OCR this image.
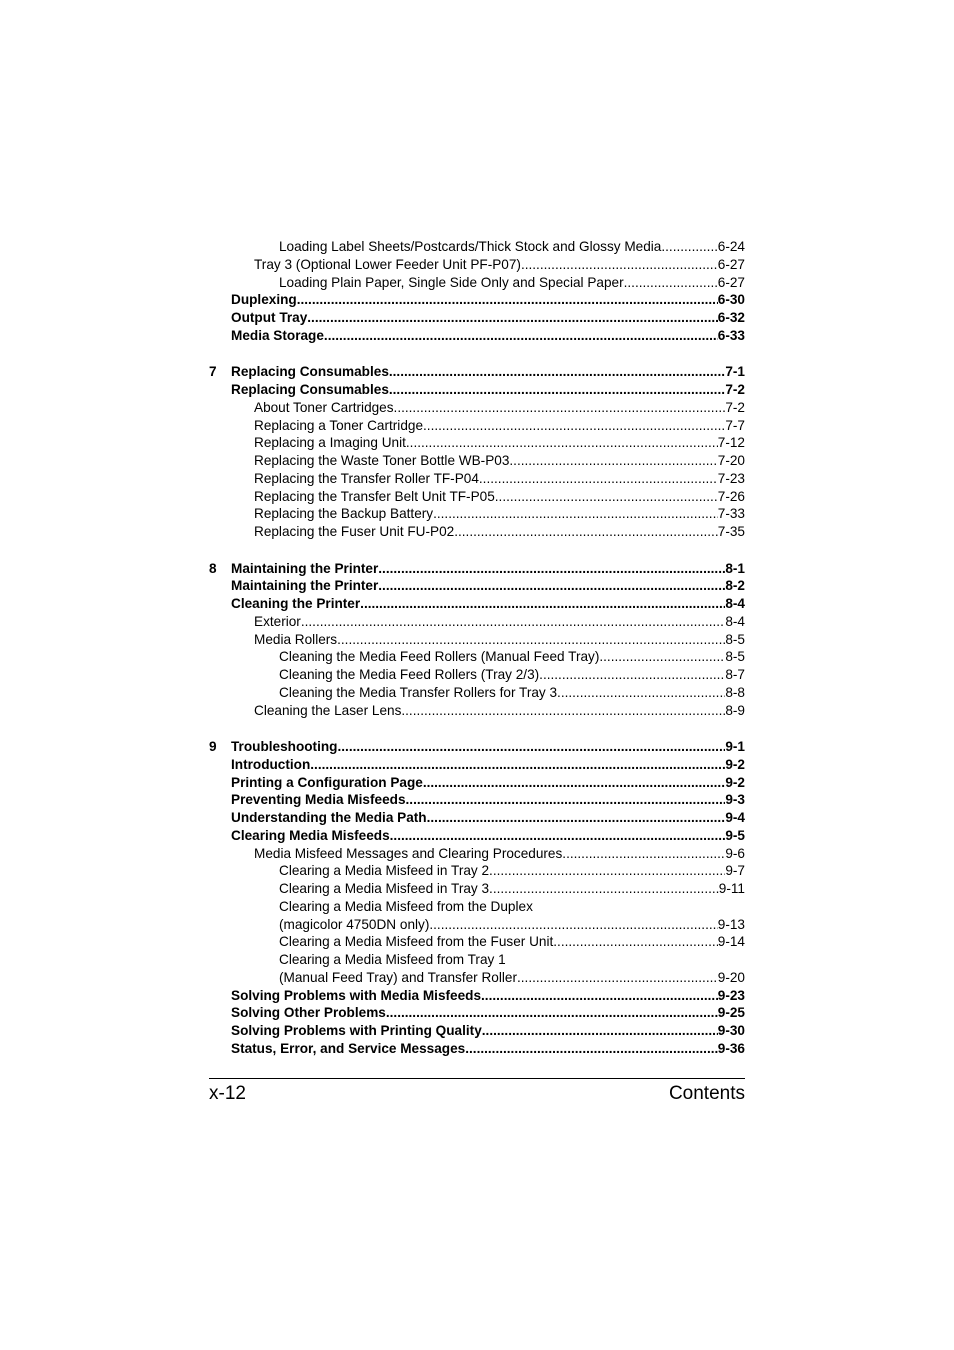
Loading Label Sheets/Postcards/Thick Stock and Glossy Media .....	6-24
Tray 3 (Optional Lower Feeder Unit PF-P07) .....	6-27
Loading Plain Paper, Single Side Only and Special Paper .....	6-27
Duplexing .....	6-30
Output Tray .....	6-32
Media Storage .....	6-33
7 Replacing Consumables .....	7-1
Replacing Consumables .....	7-2
About Toner Cartridges .....	7-2
Replacing a Toner Cartridge .....	7-7
Replacing a Imaging Unit .....	7-12
Replacing the Waste Toner Bottle WB-P03 .....	7-20
Replacing the Transfer Roller TF-P04 .....	7-23
Replacing the Transfer Belt Unit TF-P05 .....	7-26
Replacing the Backup Battery .....	7-33
Replacing the Fuser Unit FU-P02 .....	7-35
8 Maintaining the Printer .....	8-1
Maintaining the Printer .....	8-2
Cleaning the Printer .....	8-4
Exterior .....	8-4
Media Rollers .....	8-5
Cleaning the Media Feed Rollers (Manual Feed Tray) .....	8-5
Cleaning the Media Feed Rollers (Tray 2/3) .....	8-7
Cleaning the Media Transfer Rollers for Tray 3 .....	8-8
Cleaning the Laser Lens .....	8-9
9 Troubleshooting .....	9-1
Introduction .....	9-2
Printing a Configuration Page .....	9-2
Preventing Media Misfeeds .....	9-3
Understanding the Media Path .....	9-4
Clearing Media Misfeeds .....	9-5
Media Misfeed Messages and Clearing Procedures .....	9-6
Clearing a Media Misfeed in Tray 2 .....	9-7
Clearing a Media Misfeed in Tray 3 .....	9-11
Clearing a Media Misfeed from the Duplex
(magicolor 4750DN only) .....	9-13
Clearing a Media Misfeed from the Fuser Unit .....	9-14
Clearing a Media Misfeed from Tray 1
(Manual Feed Tray) and Transfer Roller .....	9-20
Solving Problems with Media Misfeeds .....	9-23
Solving Other Problems .....	9-25
Solving Problems with Printing Quality .....	9-30
Status, Error, and Service Messages .....	9-36
x-12	Contents
